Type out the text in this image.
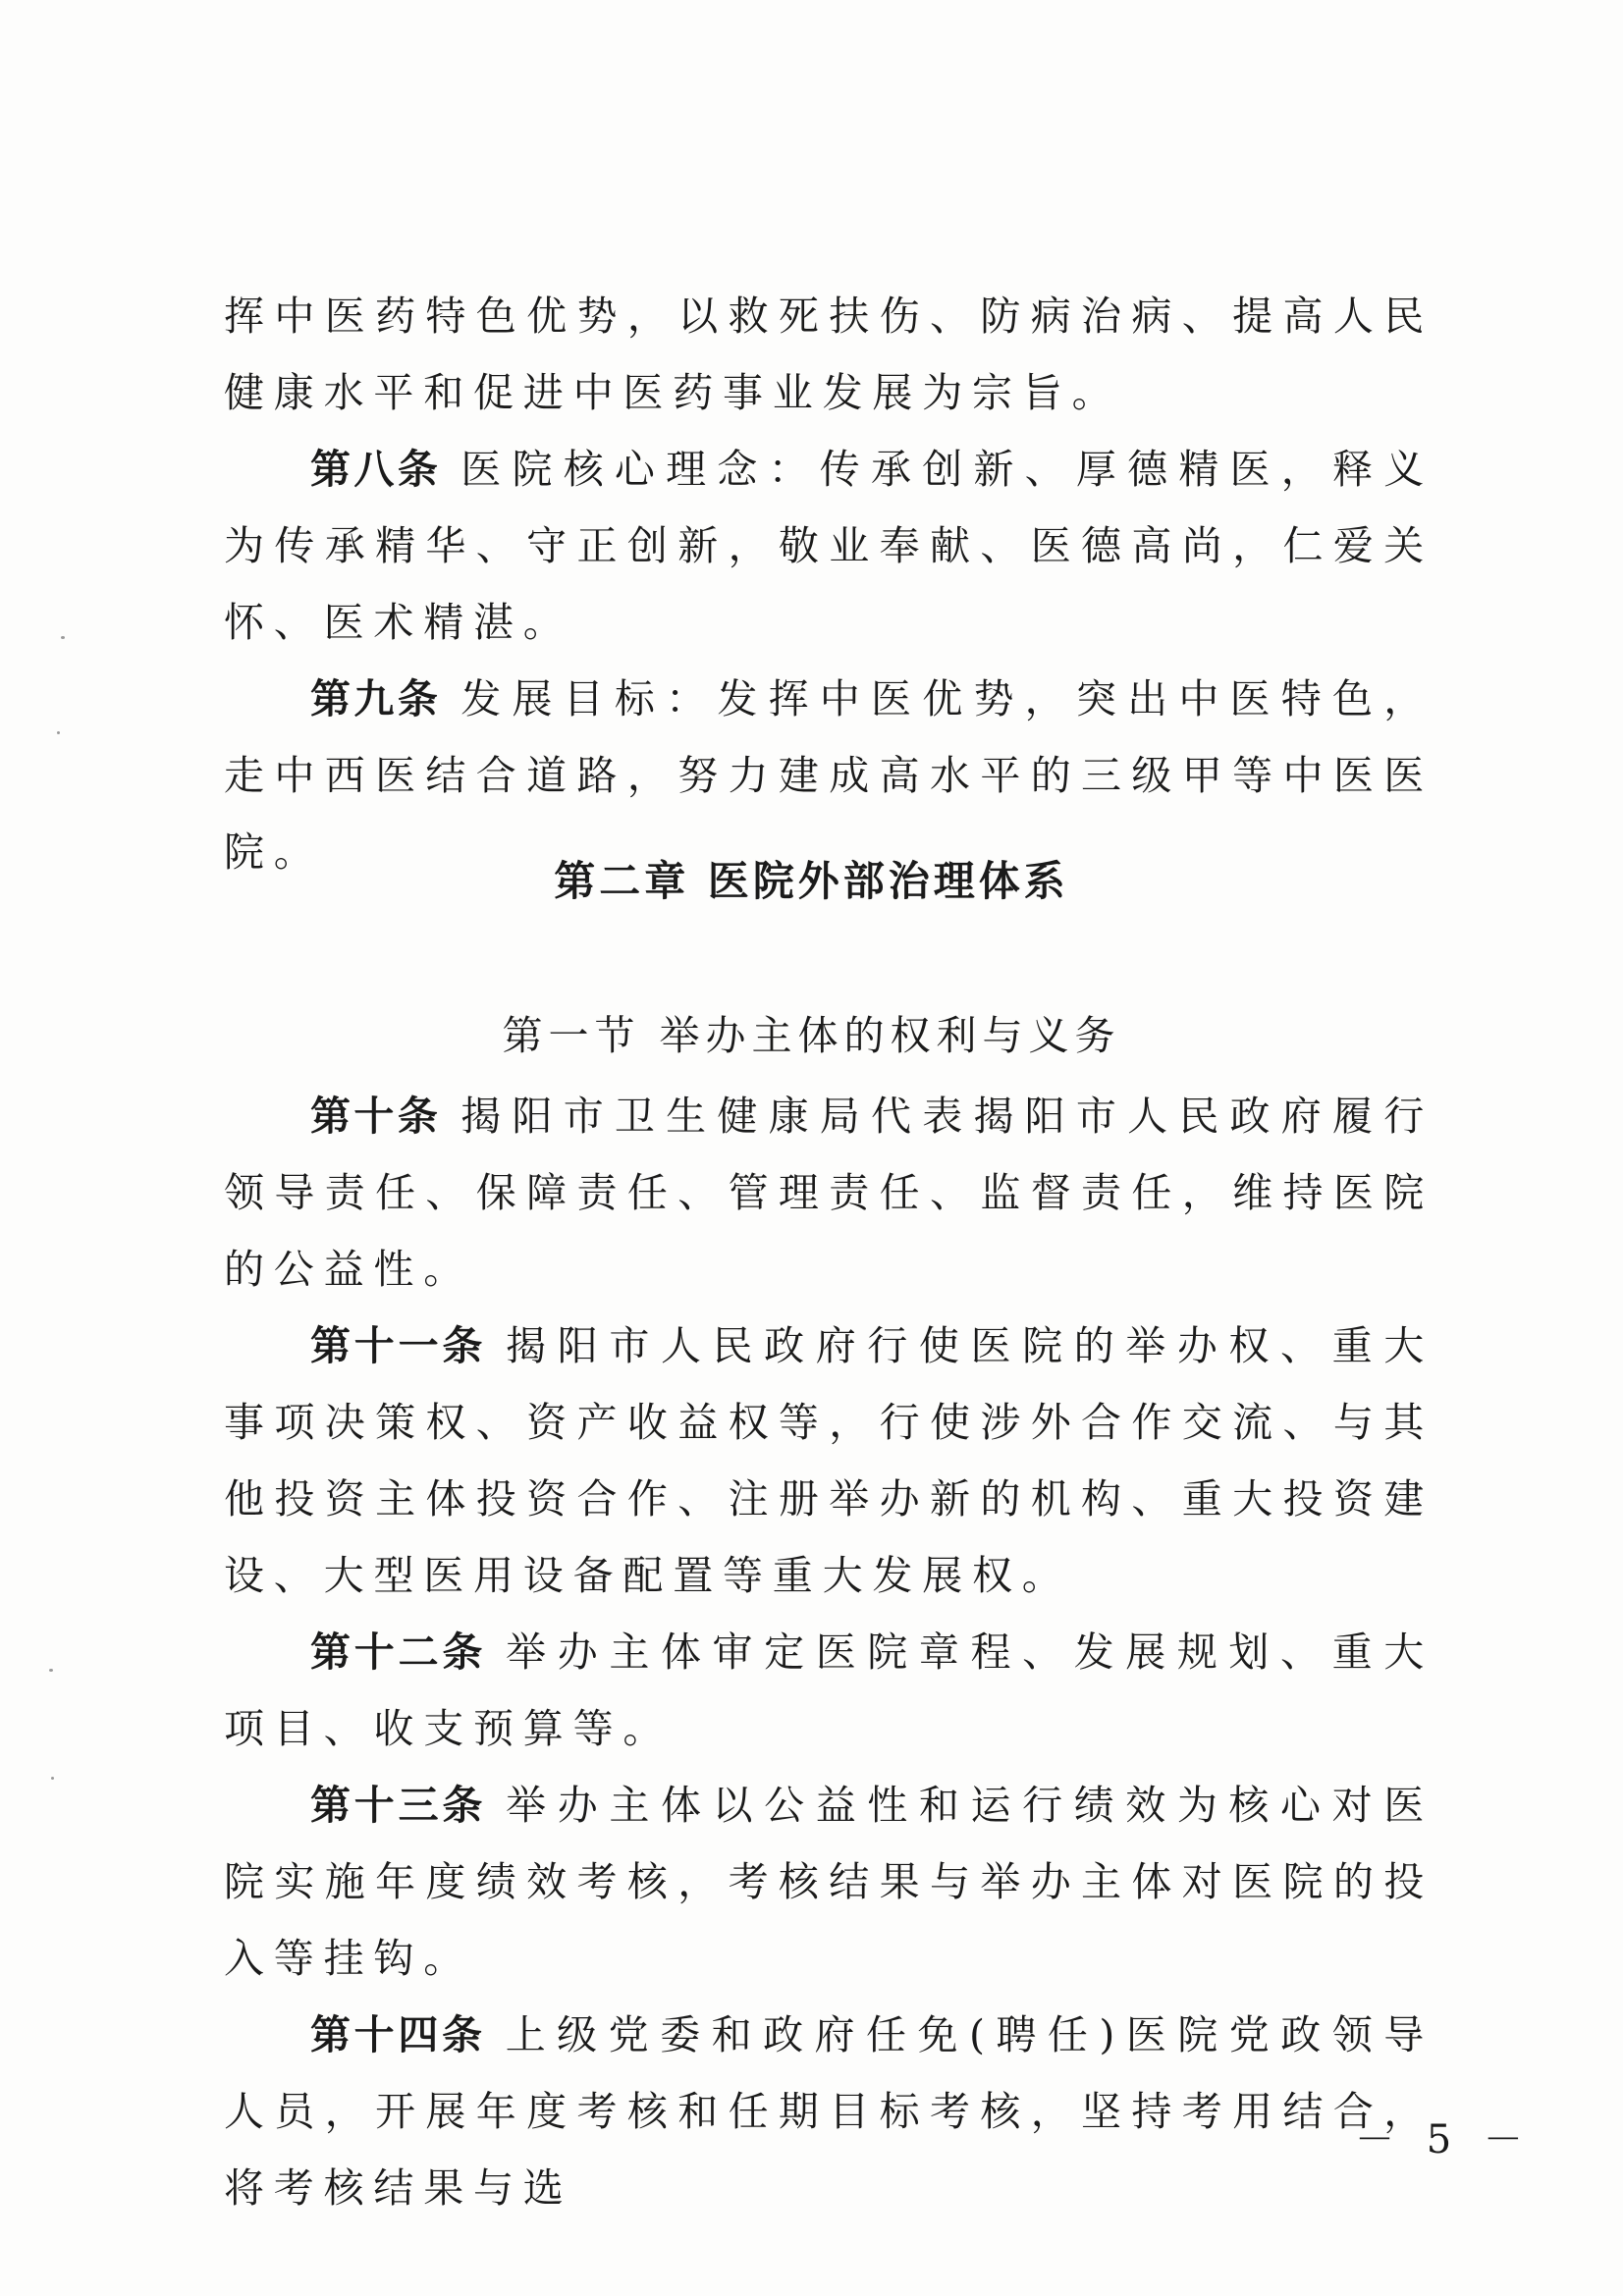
挥中医药特色优势，以救死扶伤、防病治病、提高人民健康水平和促进中医药事业发展为宗旨。

第八条 医院核心理念：传承创新、厚德精医，释义为传承精华、守正创新，敬业奉献、医德高尚，仁爱关怀、医术精湛。

第九条 发展目标：发挥中医优势，突出中医特色，走中西医结合道路，努力建成高水平的三级甲等中医医院。

第二章 医院外部治理体系
第一节 举办主体的权利与义务

第十条 揭阳市卫生健康局代表揭阳市人民政府履行领导责任、保障责任、管理责任、监督责任，维持医院的公益性。

第十一条 揭阳市人民政府行使医院的举办权、重大事项决策权、资产收益权等，行使涉外合作交流、与其他投资主体投资合作、注册举办新的机构、重大投资建设、大型医用设备配置等重大发展权。

第十二条 举办主体审定医院章程、发展规划、重大项目、收支预算等。

第十三条 举办主体以公益性和运行绩效为核心对医院实施年度绩效考核，考核结果与举办主体对医院的投入等挂钩。

第十四条 上级党委和政府任免(聘任)医院党政领导人员，开展年度考核和任期目标考核，坚持考用结合，将考核结果与选

－ 5 －
